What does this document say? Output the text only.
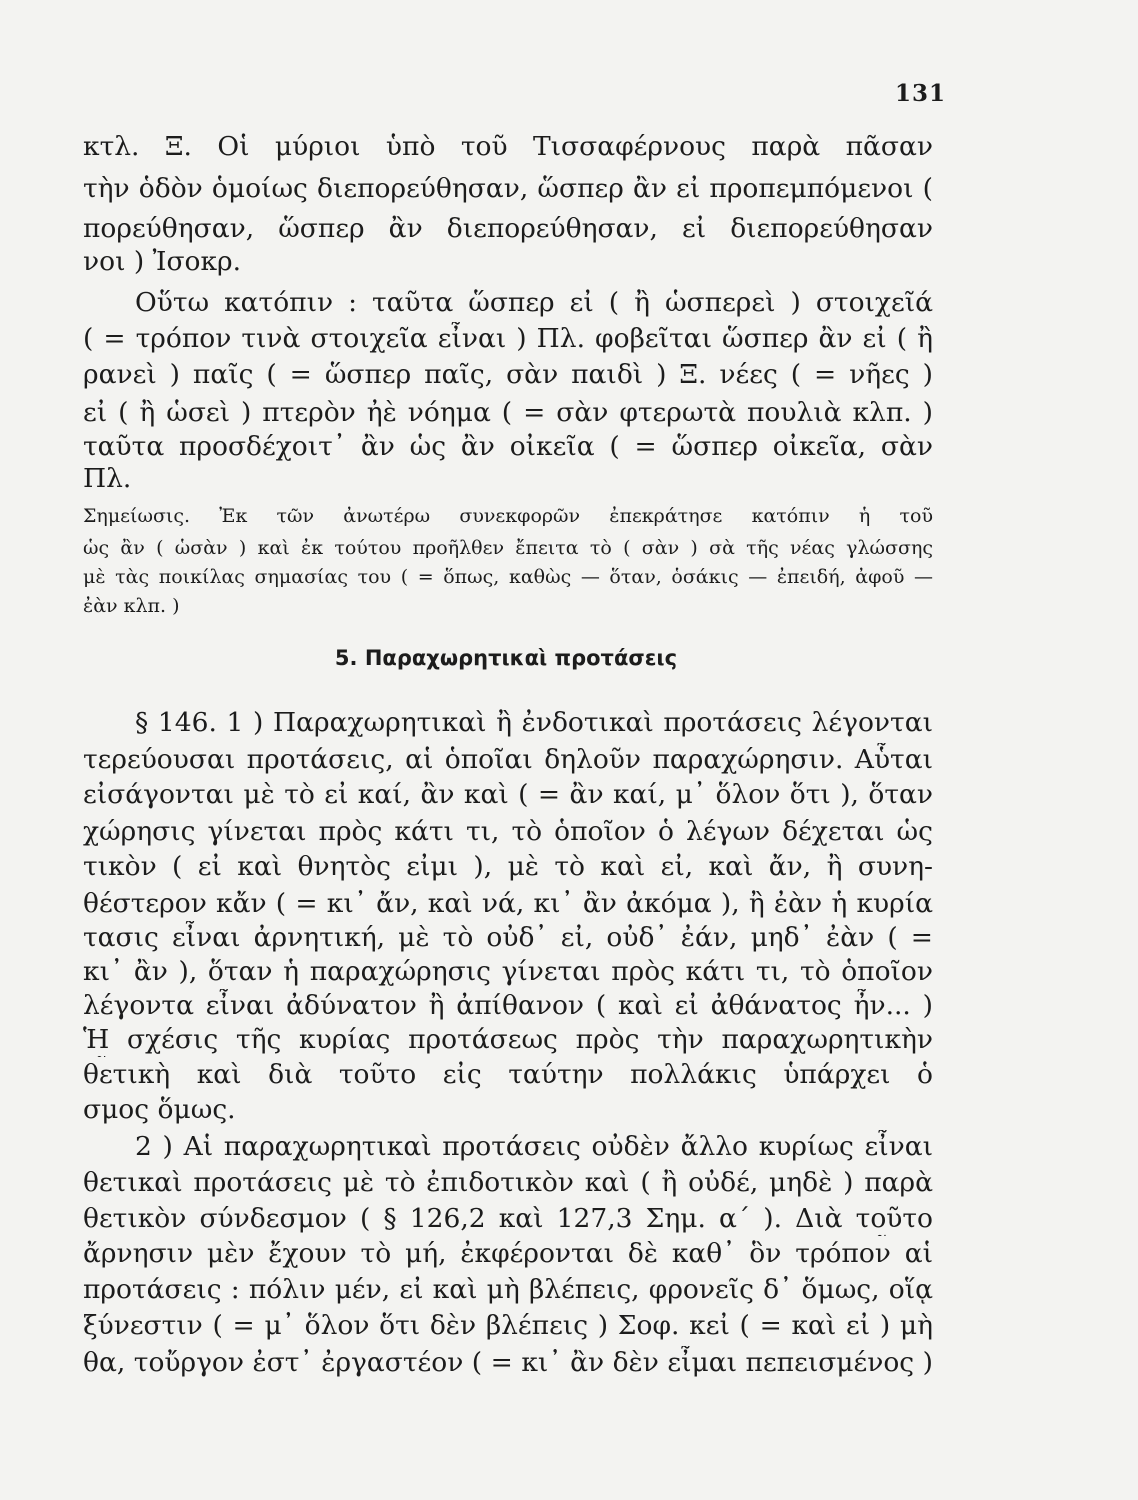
131
κτλ. Ξ. Οἱ μύριοι ὑπὸ τοῦ Τισσαφέρνους παρὰ πᾶσαν
τὴν ὁδὸν ὁμοίως διεπορεύθησαν, ὥσπερ ἂν εἰ προπεμπόμενοι (
πορεύθησαν, ὥσπερ ἂν διεπορεύθησαν, εἰ διεπορεύθησαν
νοι ) Ἰσοκρ.
Οὕτω κατόπιν : ταῦτα ὥσπερ εἰ ( ἢ ὡσπερεὶ ) στοιχεῖά
( = τρόπον τινὰ στοιχεῖα εἶναι ) Πλ. φοβεῖται ὥσπερ ἂν εἰ ( ἢ
ρανεὶ ) παῖς ( = ὥσπερ παῖς, σὰν παιδὶ ) Ξ. νέες ( = νῆες )
εἰ ( ἢ ὡσεὶ ) πτερὸν ἠὲ νόημα ( = σὰν φτερωτὰ πουλιὰ κλπ. )
ταῦτα προσδέχοιτ᾽ ἂν ὡς ἂν οἰκεῖα ( = ὥσπερ οἰκεῖα, σὰν
Πλ.
Σημείωσις. Ἐκ τῶν ἀνωτέρω συνεκφορῶν ἐπεκράτησε κατόπιν ἡ τοῦ
ὡς ἂν ( ὡσὰν ) καὶ ἐκ τούτου προῆλθεν ἔπειτα τὸ ( σὰν ) σὰ τῆς νέας γλώσσης
μὲ τὰς ποικίλας σημασίας του ( = ὅπως, καθὼς — ὅταν, ὁσάκις — ἐπειδή, ἀφοῦ —
ἐὰν κλπ. )
5. Παραχωρητικαὶ προτάσεις
§ 146. 1 ) Παραχωρητικαὶ ἢ ἐνδοτικαὶ προτάσεις λέγονται
τερεύουσαι προτάσεις, αἱ ὁποῖαι δηλοῦν παραχώρησιν. Αὗται
εἰσάγονται μὲ τὸ εἰ καί, ἂν καὶ ( = ἂν καί, μ᾽ ὅλον ὅτι ), ὅταν
χώρησις γίνεται πρὸς κάτι τι, τὸ ὁποῖον ὁ λέγων δέχεται ὡς
τικὸν ( εἰ καὶ θνητὸς εἰμι ), μὲ τὸ καὶ εἰ, καὶ ἄν, ἢ συνη-
θέστερον κἄν ( = κι᾽ ἄν, καὶ νά, κι᾽ ἂν ἀκόμα ), ἢ ἐὰν ἡ κυρία
τασις εἶναι ἀρνητική, μὲ τὸ οὐδ᾽ εἰ, οὐδ᾽ ἐάν, μηδ᾽ ἐὰν ( =
κι᾽ ἂν ), ὅταν ἡ παραχώρησις γίνεται πρὸς κάτι τι, τὸ ὁποῖον
λέγοντα εἶναι ἀδύνατον ἢ ἀπίθανον ( καὶ εἰ ἀθάνατος ἦν... )
Ἡ σχέσις τῆς κυρίας προτάσεως πρὸς τὴν παραχωρητικὴν
θετικὴ καὶ διὰ τοῦτο εἰς ταύτην πολλάκις ὑπάρχει ὁ
σμος ὅμως.
2 ) Αἱ παραχωρητικαὶ προτάσεις οὐδὲν ἄλλο κυρίως εἶναι
θετικαὶ προτάσεις μὲ τὸ ἐπιδοτικὸν καὶ ( ἢ οὐδέ, μηδὲ ) παρὰ
θετικὸν σύνδεσμον ( § 126,2 καὶ 127,3 Σημ. α΄ ). Διὰ τοῦτο
ἄρνησιν μὲν ἔχουν τὸ μή, ἐκφέρονται δὲ καθ᾽ ὃν τρόπον αἱ
προτάσεις : πόλιν μέν, εἰ καὶ μὴ βλέπεις, φρονεῖς δ᾽ ὅμως, οἵᾳ
ξύνεστιν ( = μ᾽ ὅλον ὅτι δὲν βλέπεις ) Σοφ. κεἰ ( = καὶ εἰ ) μὴ
θα, τοὔργον ἐστ᾽ ἐργαστέον ( = κι᾽ ἂν δὲν εἶμαι πεπεισμένος )
